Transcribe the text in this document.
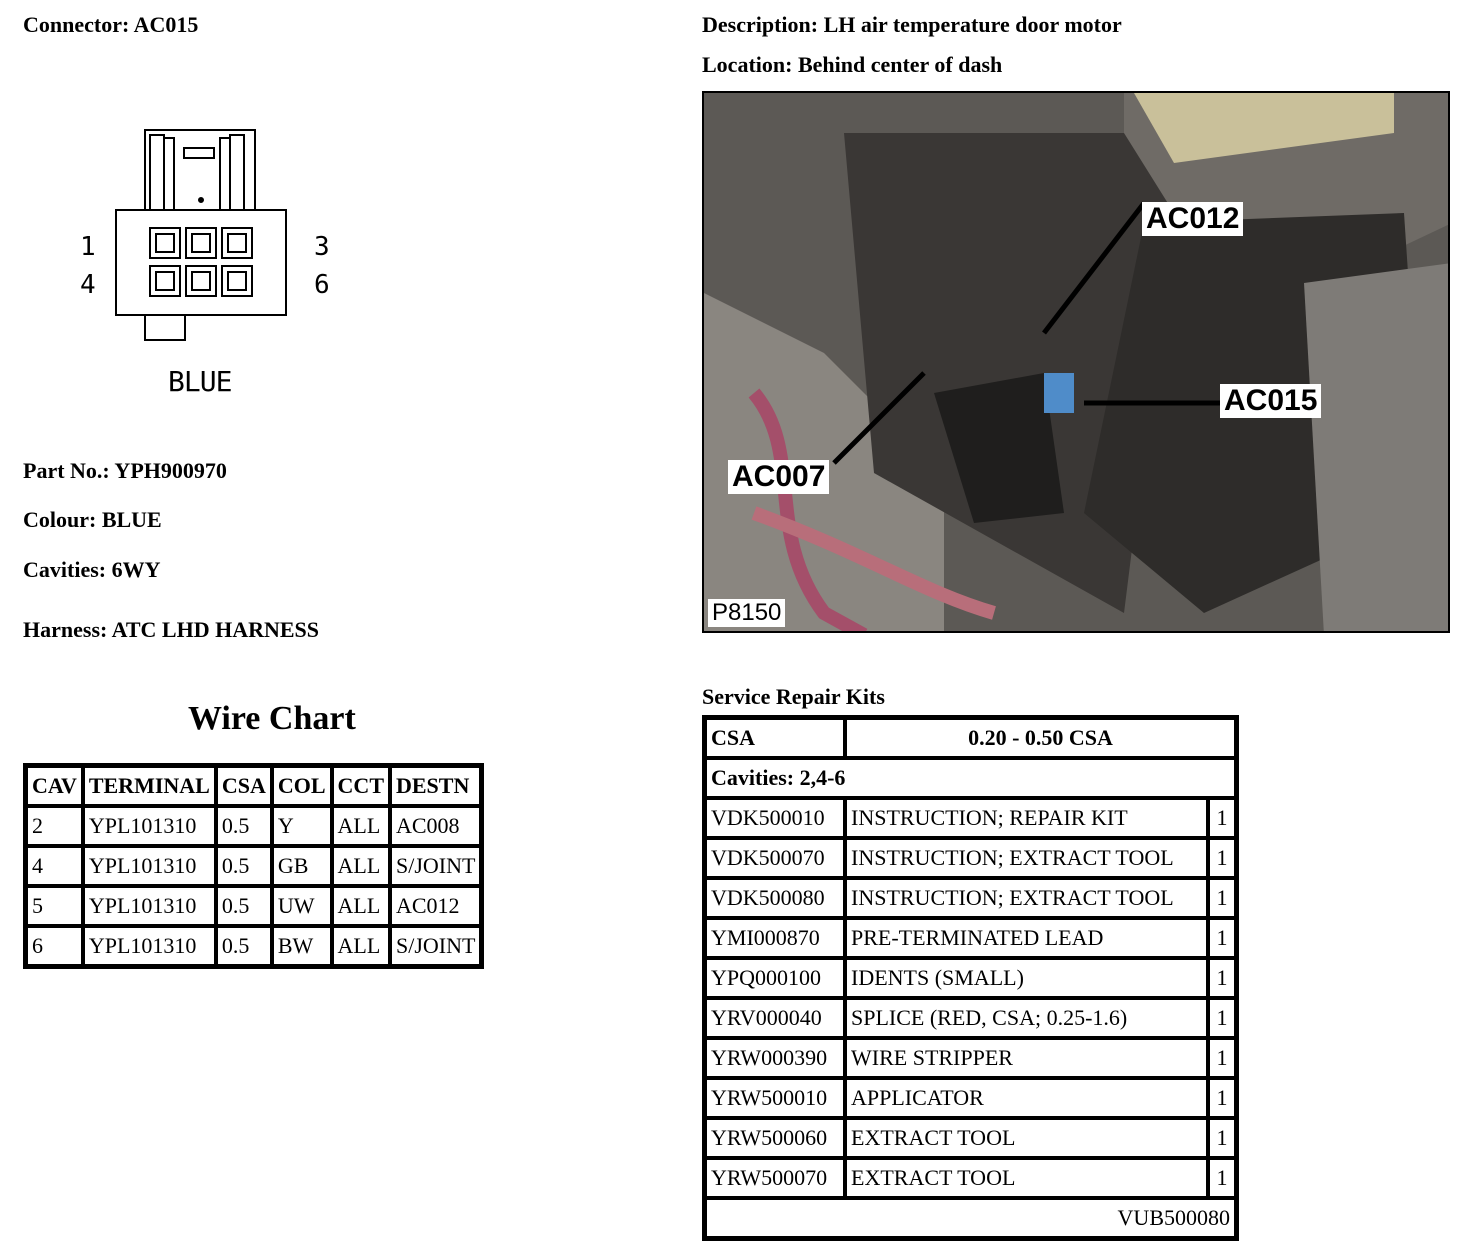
Connector: AC015
1
4
3
6
BLUE
Part No.: YPH900970
Colour: BLUE
Cavities: 6WY
Harness: ATC LHD HARNESS
Wire Chart
CAV	TERMINAL	CSA	COL	CCT	DESTN
2	YPL101310	0.5	Y	ALL	AC008
4	YPL101310	0.5	GB	ALL	S/JOINT
5	YPL101310	0.5	UW	ALL	AC012
6	YPL101310	0.5	BW	ALL	S/JOINT
Description: LH air temperature door motor
Location: Behind center of dash
AC012
AC015
AC007
P8150
Service Repair Kits
CSA	0.20 - 0.50 CSA	
Cavities: 2,4-6		
VDK500010	INSTRUCTION; REPAIR KIT	1
VDK500070	INSTRUCTION; EXTRACT TOOL	1
VDK500080	INSTRUCTION; EXTRACT TOOL	1
YMI000870	PRE-TERMINATED LEAD	1
YPQ000100	IDENTS (SMALL)	1
YRV000040	SPLICE (RED, CSA; 0.25-1.6)	1
YRW000390	WIRE STRIPPER	1
YRW500010	APPLICATOR	1
YRW500060	EXTRACT TOOL	1
YRW500070	EXTRACT TOOL	1
VUB500080		
